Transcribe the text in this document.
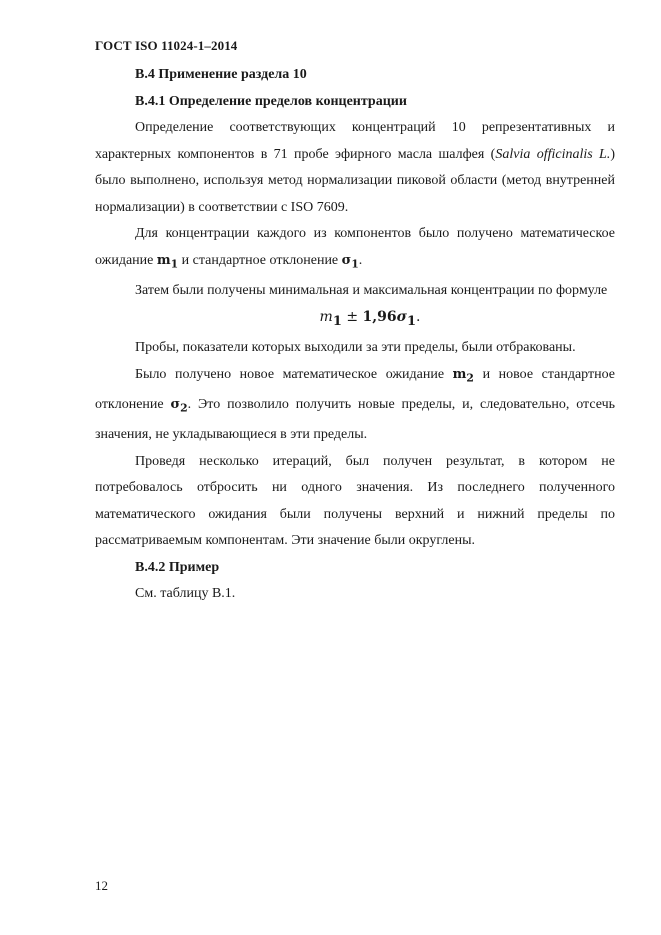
ГОСТ ISO 11024-1–2014

В.4 Применение раздела 10

В.4.1 Определение пределов концентрации

Определение соответствующих концентраций 10 репрезентативных и характерных компонентов в 71 пробе эфирного масла шалфея (Salvia officinalis L.) было выполнено, используя метод нормализации пиковой области (метод внутренней нормализации) в соответствии с ISO 7609.

Для концентрации каждого из компонентов было получено математическое ожидание $m_1$ и стандартное отклонение $\sigma_1$.

Затем были получены минимальная и максимальная концентрации по формуле

$m_1 \pm 1,96\sigma_1$.

Пробы, показатели которых выходили за эти пределы, были отбракованы.

Было получено новое математическое ожидание $m_2$ и новое стандартное отклонение $\sigma_2$. Это позволило получить новые пределы, и, следовательно, отсечь значения, не укладывающиеся в эти пределы.

Проведя несколько итераций, был получен результат, в котором не потребовалось отбросить ни одного значения. Из последнего полученного математического ожидания были получены верхний и нижний пределы по рассматриваемым компонентам. Эти значение были округлены.

В.4.2 Пример

См. таблицу В.1.

12
